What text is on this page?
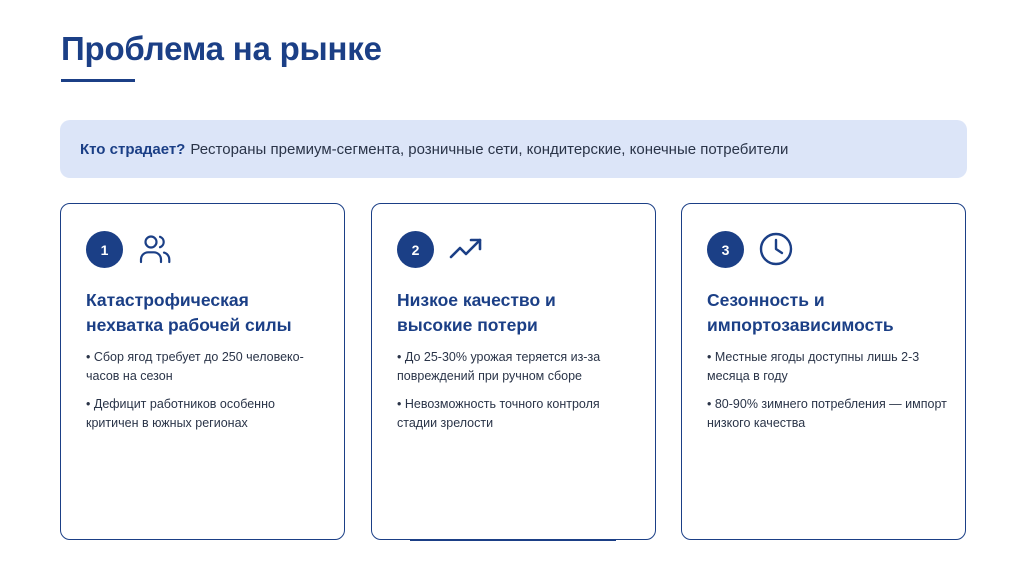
Проблема на рынке
Кто страдает? Рестораны премиум-сегмента, розничные сети, кондитерские, конечные потребители
1
Катастрофическая
нехватка рабочей силы
• Сбор ягод требует до 250 человеко-часов на сезон
• Дефицит работников особенно критичен в южных регионах
2
Низкое качество и
высокие потери
• До 25-30% урожая теряется из-за повреждений при ручном сборе
• Невозможность точного контроля стадии зрелости
3
Сезонность и
импортозависимость
• Местные ягоды доступны лишь 2-3 месяца в году
• 80-90% зимнего потребления — импорт низкого качества
